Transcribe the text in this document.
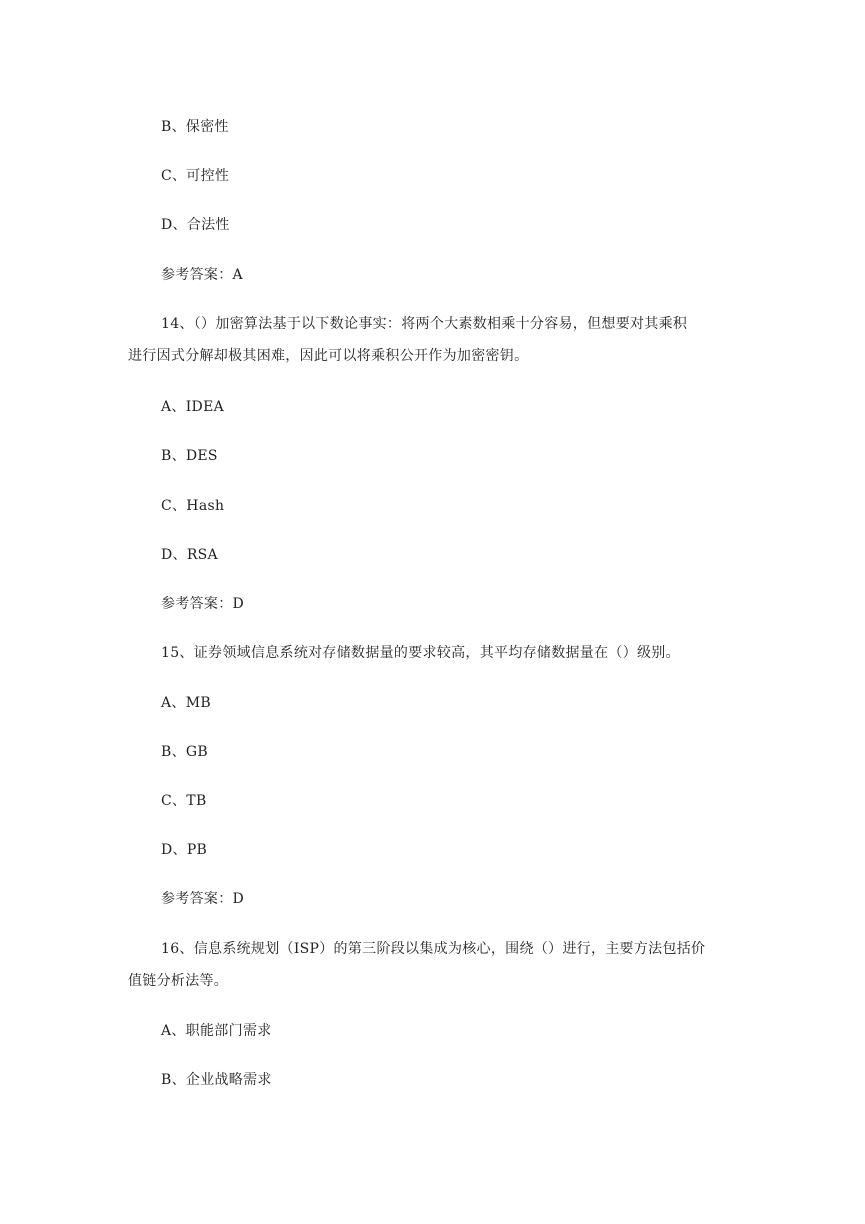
B、保密性
C、可控性
D、合法性
参考答案：A
14、（）加密算法基于以下数论事实：将两个大素数相乘十分容易，但想要对其乘积
进行因式分解却极其困难，因此可以将乘积公开作为加密密钥。
A、IDEA
B、DES
C、Hash
D、RSA
参考答案：D
15、证券领域信息系统对存储数据量的要求较高，其平均存储数据量在（）级别。
A、MB
B、GB
C、TB
D、PB
参考答案：D
16、信息系统规划（ISP）的第三阶段以集成为核心，围绕（）进行，主要方法包括价
值链分析法等。
A、职能部门需求
B、企业战略需求
